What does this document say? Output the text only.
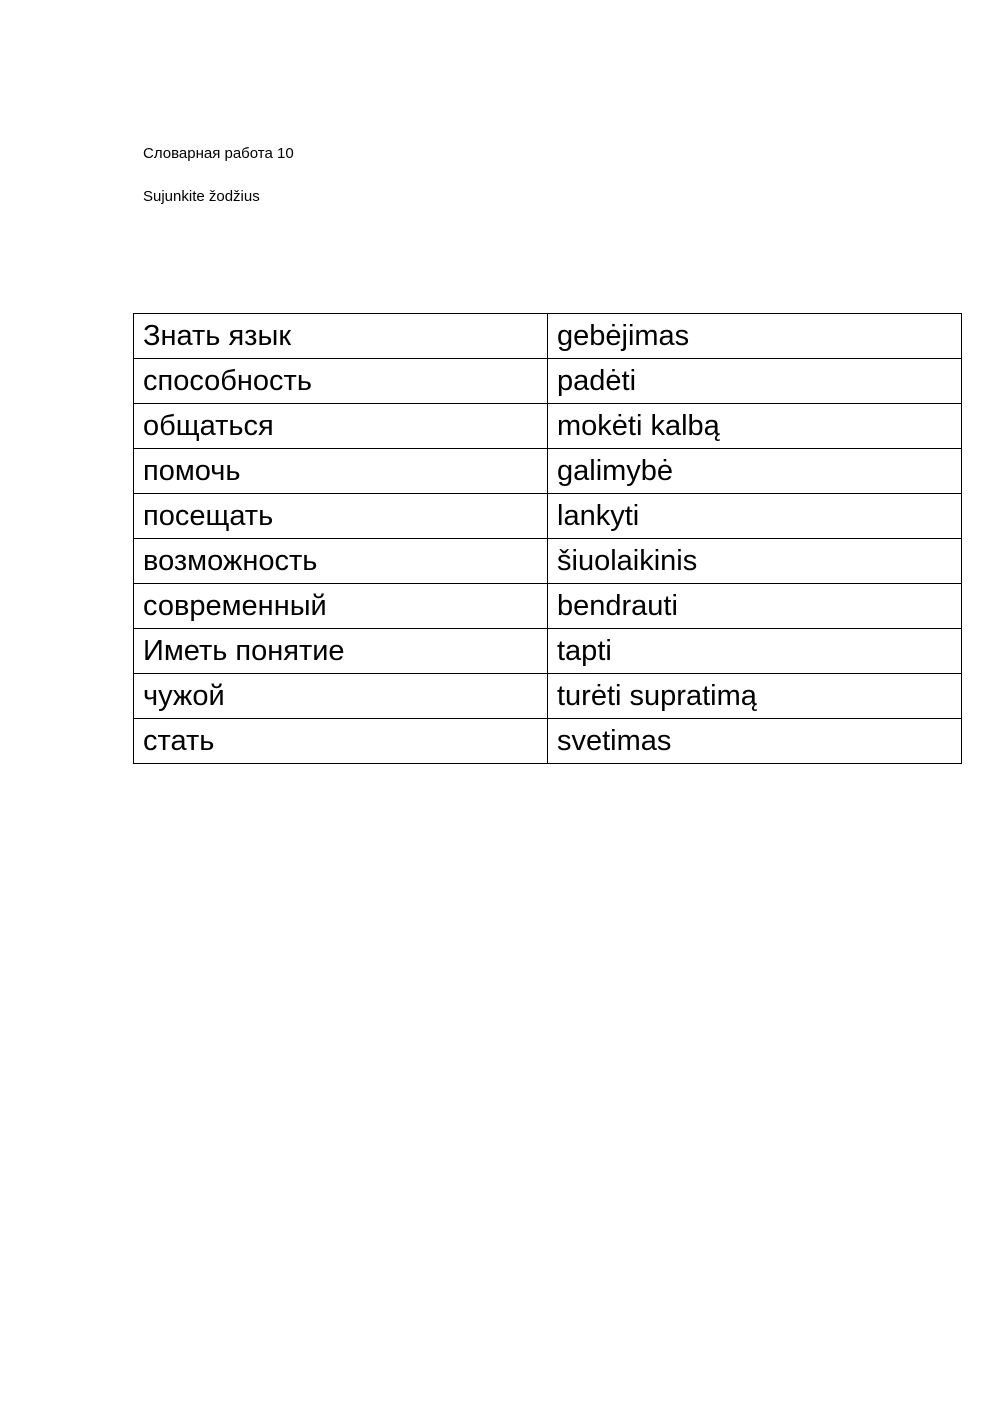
Словарная работа 10
Sujunkite žodžius
Знать язык	gebėjimas
способность	padėti
общаться	mokėti kalbą
помочь	galimybė
посещать	lankyti
возможность	šiuolaikinis
современный	bendrauti
Иметь понятие	tapti
чужой	turėti supratimą
стать	svetimas
